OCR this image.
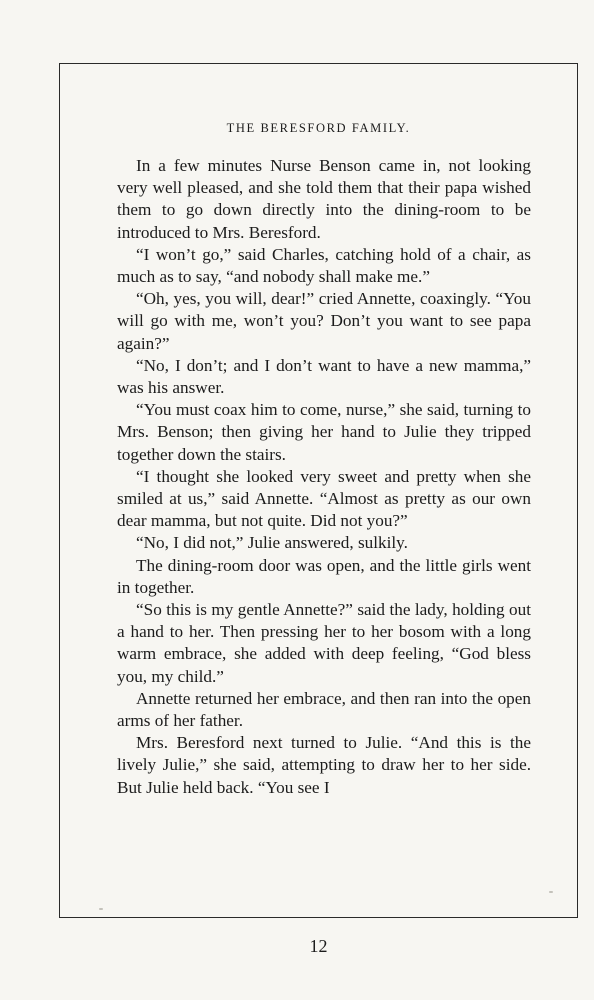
THE BERESFORD FAMILY.

In a few minutes Nurse Benson came in, not looking very well pleased, and she told them that their papa wished them to go down directly into the dining-room to be introduced to Mrs. Beresford.

“I won’t go,” said Charles, catching hold of a chair, as much as to say, “and nobody shall make me.”

“Oh, yes, you will, dear!” cried Annette, coaxingly. “You will go with me, won’t you? Don’t you want to see papa again?”

“No, I don’t; and I don’t want to have a new mamma,” was his answer.

“You must coax him to come, nurse,” she said, turning to Mrs. Benson; then giving her hand to Julie they tripped together down the stairs.

“I thought she looked very sweet and pretty when she smiled at us,” said Annette. “Almost as pretty as our own dear mamma, but not quite. Did not you?”

“No, I did not,” Julie answered, sulkily.

The dining-room door was open, and the little girls went in together.

“So this is my gentle Annette?” said the lady, holding out a hand to her. Then pressing her to her bosom with a long warm embrace, she added with deep feeling, “God bless you, my child.”

Annette returned her embrace, and then ran into the open arms of her father.

Mrs. Beresford next turned to Julie. “And this is the lively Julie,” she said, attempting to draw her to her side. But Julie held back. “You see I

12
